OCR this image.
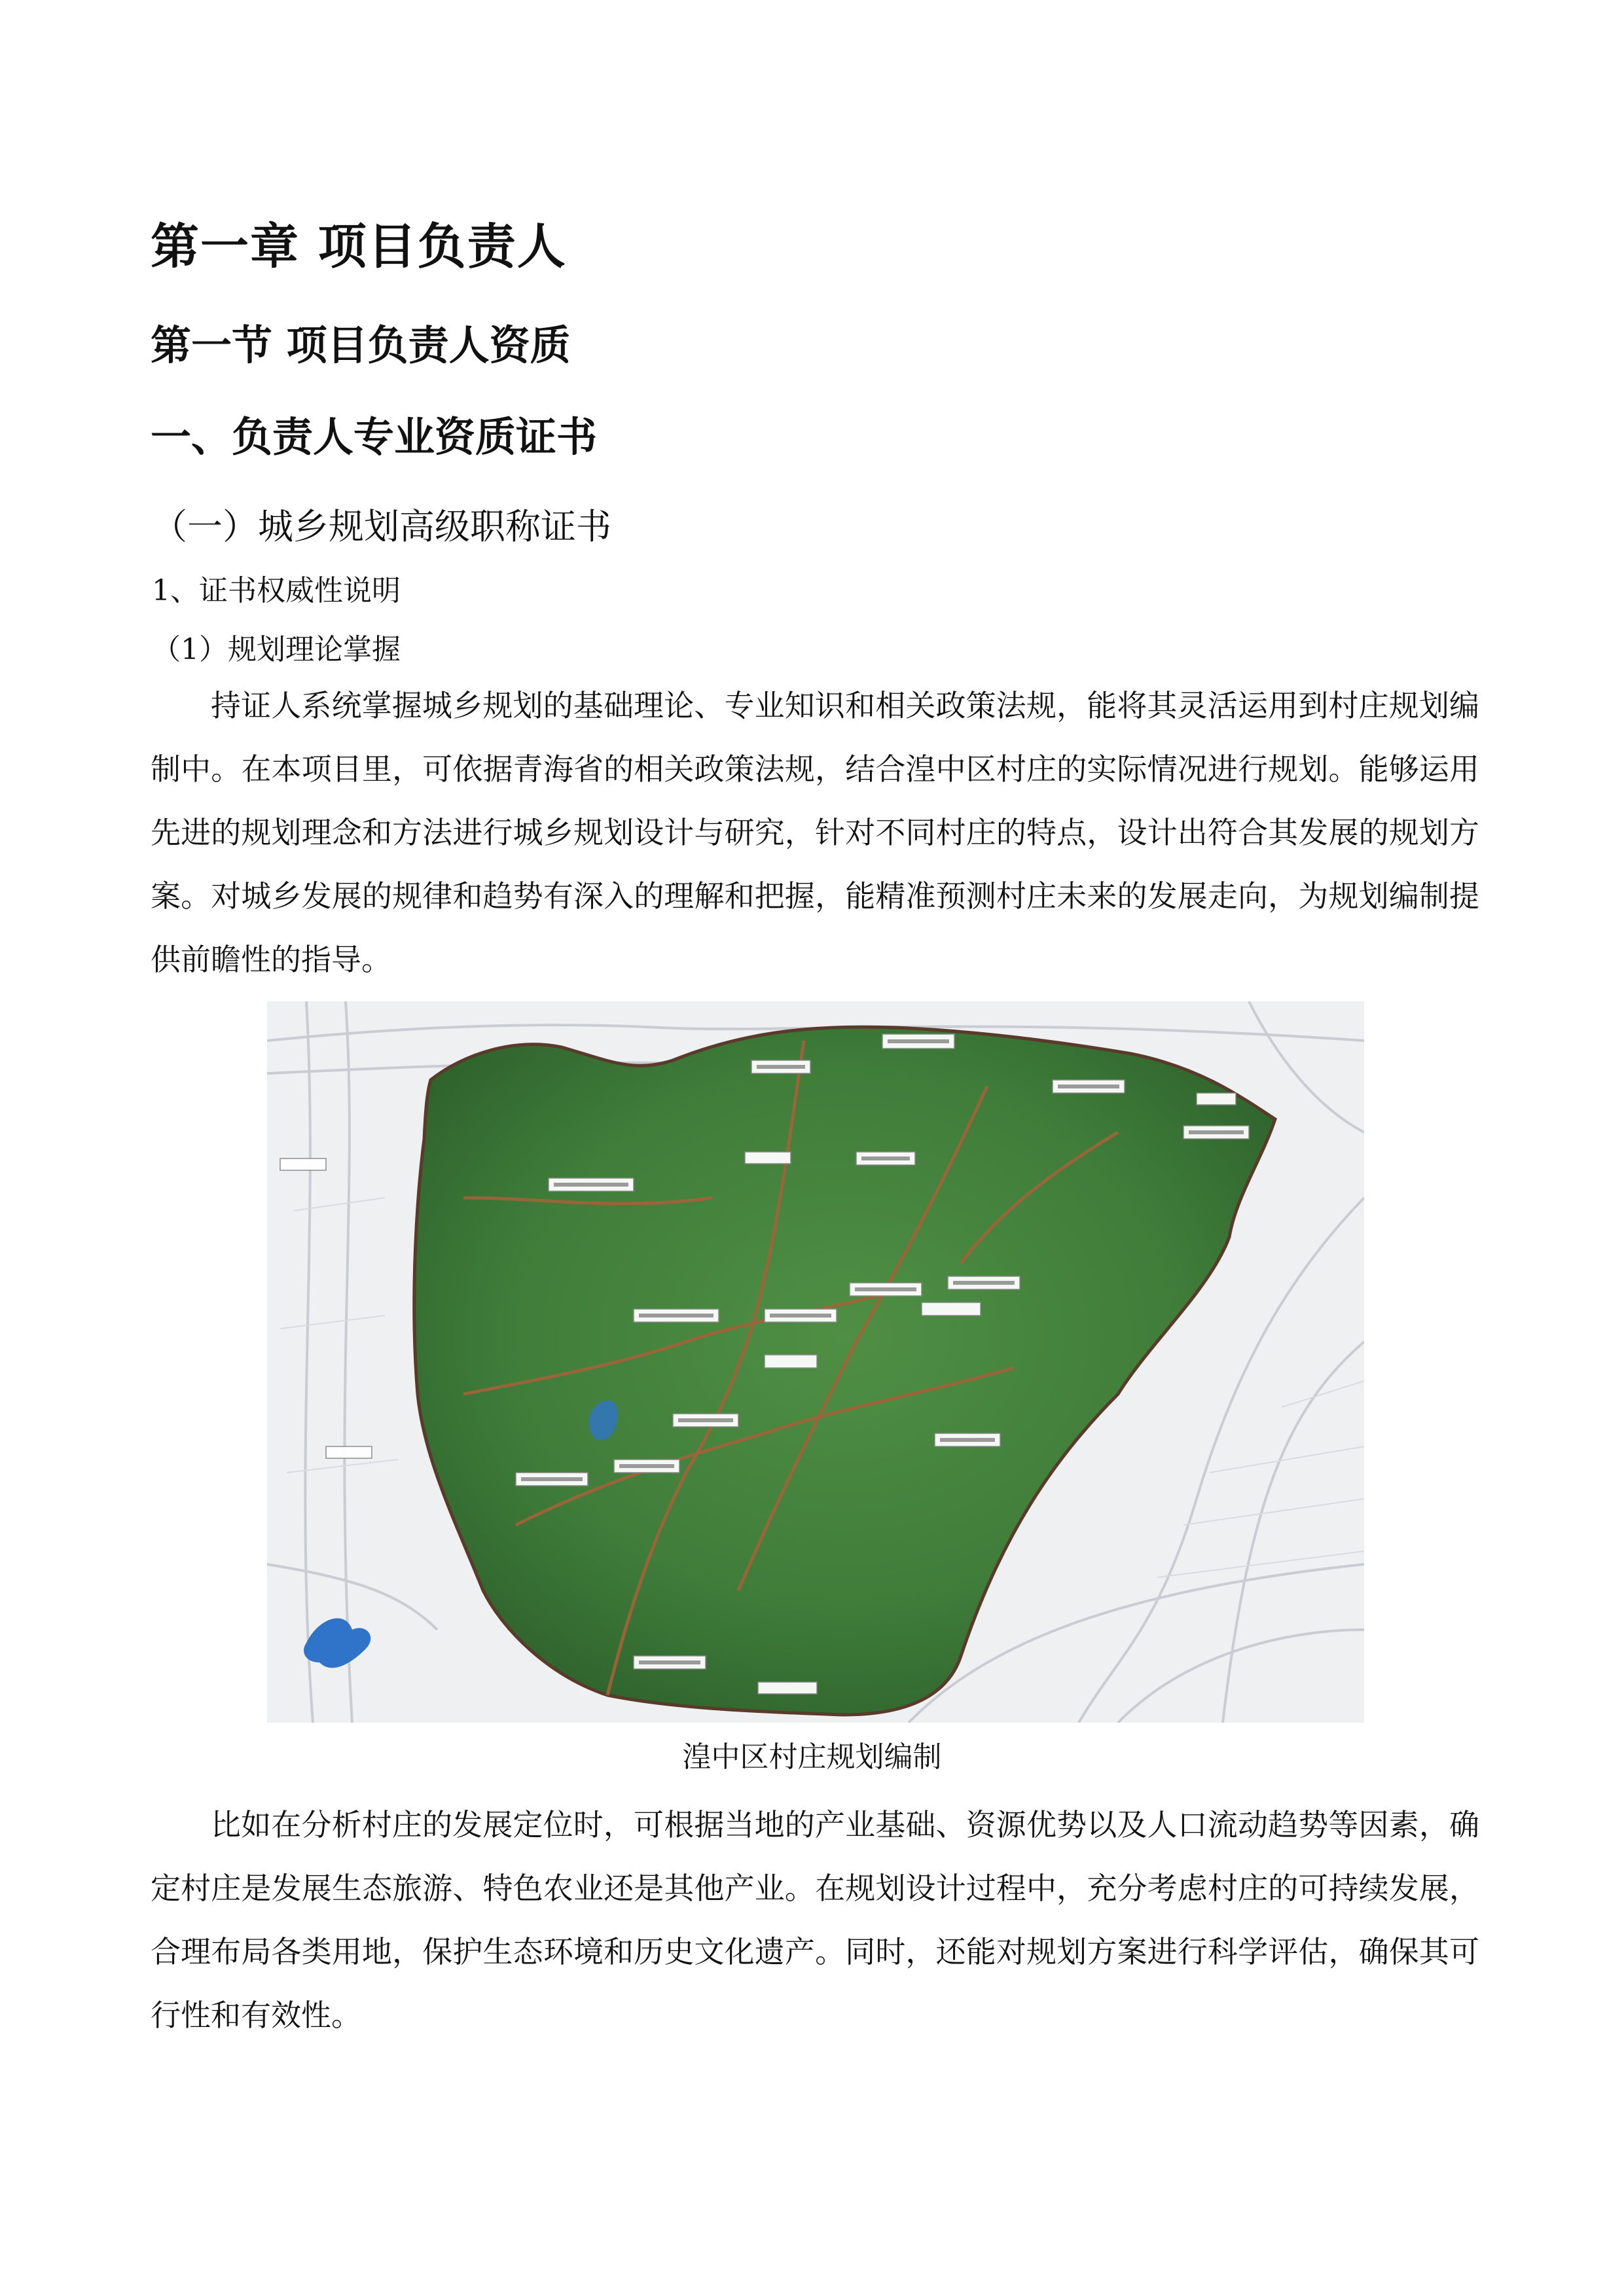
第一章 项目负责人
第一节 项目负责人资质
一、负责人专业资质证书

（一）城乡规划高级职称证书

1、证书权威性说明

（1）规划理论掌握

持证人系统掌握城乡规划的基础理论、专业知识和相关政策法规，能将其灵活运用到村庄规划编制中。在本项目里，可依据青海省的相关政策法规，结合湟中区村庄的实际情况进行规划。能够运用先进的规划理念和方法进行城乡规划设计与研究，针对不同村庄的特点，设计出符合其发展的规划方案。对城乡发展的规律和趋势有深入的理解和把握，能精准预测村庄未来的发展走向，为规划编制提供前瞻性的指导。

湟中区村庄规划编制

比如在分析村庄的发展定位时，可根据当地的产业基础、资源优势以及人口流动趋势等因素，确定村庄是发展生态旅游、特色农业还是其他产业。在规划设计过程中，充分考虑村庄的可持续发展，合理布局各类用地，保护生态环境和历史文化遗产。同时，还能对规划方案进行科学评估，确保其可行性和有效性。
